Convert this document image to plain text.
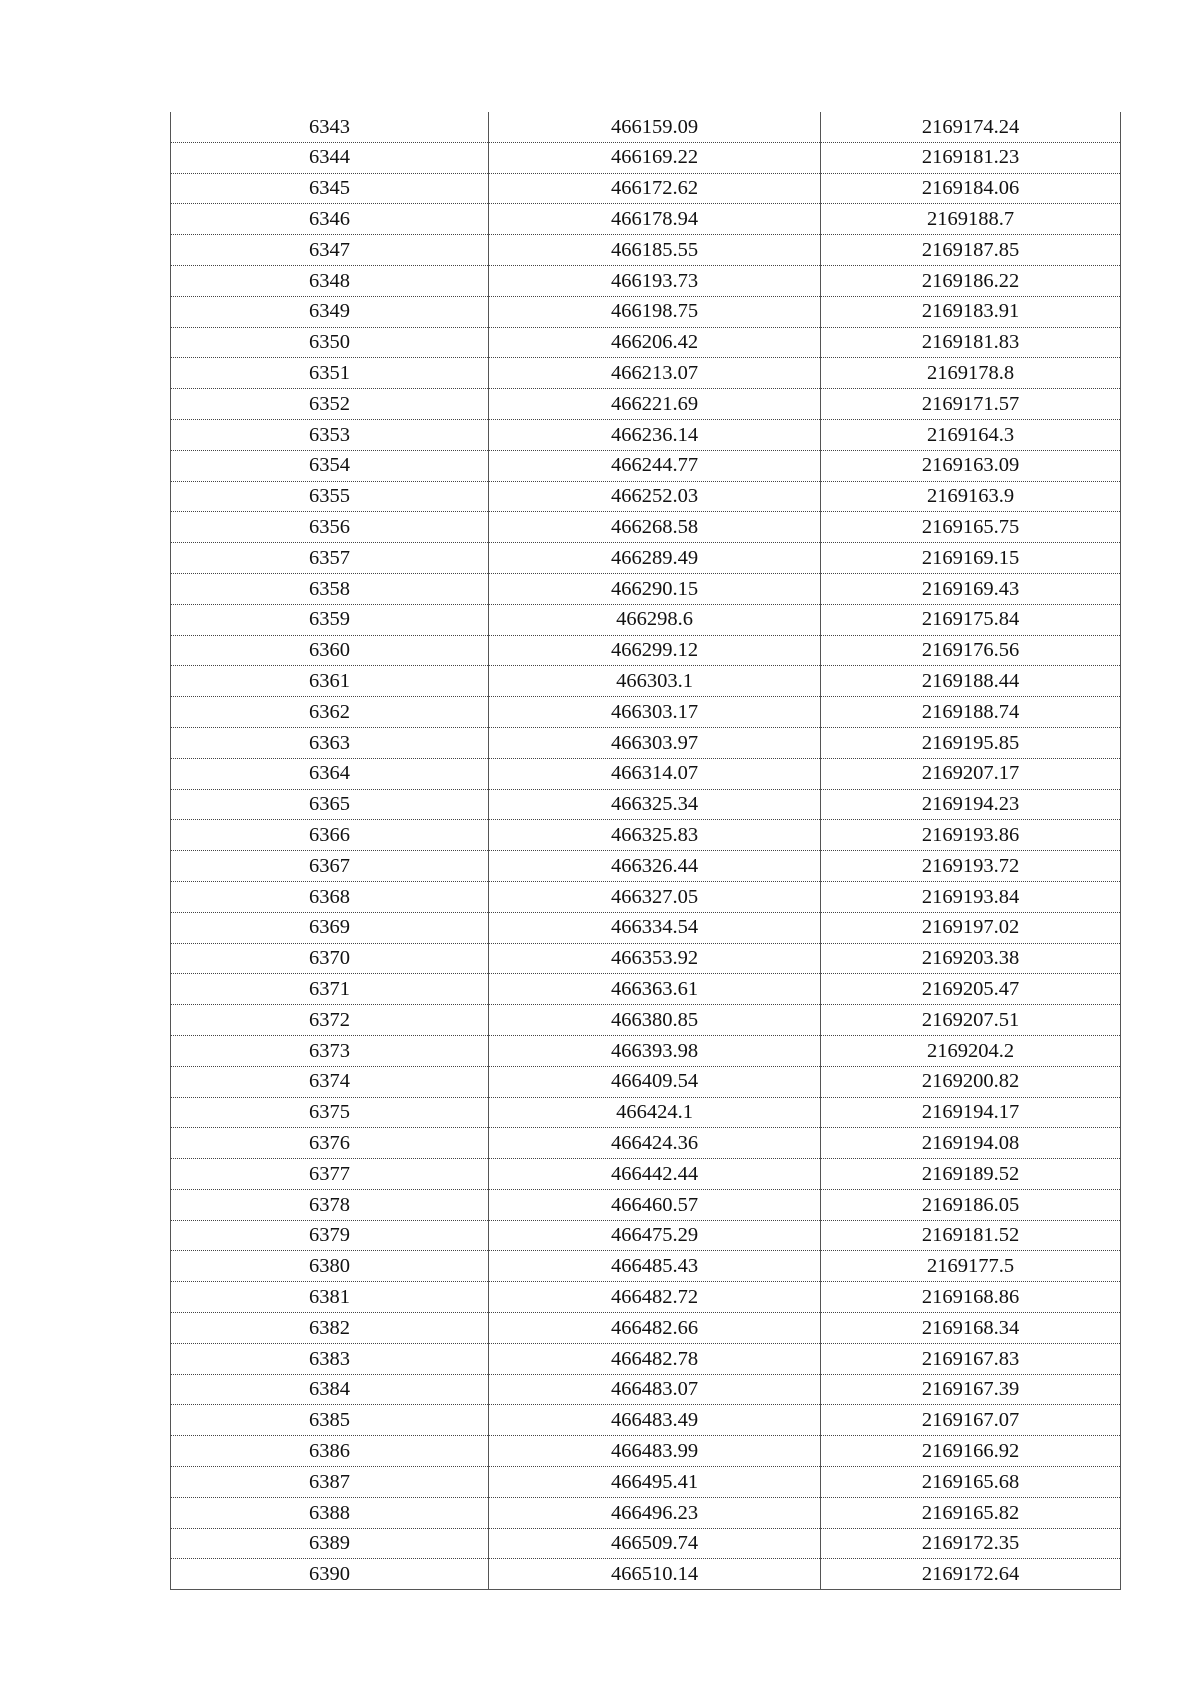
6343	466159.09	2169174.24
6344	466169.22	2169181.23
6345	466172.62	2169184.06
6346	466178.94	2169188.7
6347	466185.55	2169187.85
6348	466193.73	2169186.22
6349	466198.75	2169183.91
6350	466206.42	2169181.83
6351	466213.07	2169178.8
6352	466221.69	2169171.57
6353	466236.14	2169164.3
6354	466244.77	2169163.09
6355	466252.03	2169163.9
6356	466268.58	2169165.75
6357	466289.49	2169169.15
6358	466290.15	2169169.43
6359	466298.6	2169175.84
6360	466299.12	2169176.56
6361	466303.1	2169188.44
6362	466303.17	2169188.74
6363	466303.97	2169195.85
6364	466314.07	2169207.17
6365	466325.34	2169194.23
6366	466325.83	2169193.86
6367	466326.44	2169193.72
6368	466327.05	2169193.84
6369	466334.54	2169197.02
6370	466353.92	2169203.38
6371	466363.61	2169205.47
6372	466380.85	2169207.51
6373	466393.98	2169204.2
6374	466409.54	2169200.82
6375	466424.1	2169194.17
6376	466424.36	2169194.08
6377	466442.44	2169189.52
6378	466460.57	2169186.05
6379	466475.29	2169181.52
6380	466485.43	2169177.5
6381	466482.72	2169168.86
6382	466482.66	2169168.34
6383	466482.78	2169167.83
6384	466483.07	2169167.39
6385	466483.49	2169167.07
6386	466483.99	2169166.92
6387	466495.41	2169165.68
6388	466496.23	2169165.82
6389	466509.74	2169172.35
6390	466510.14	2169172.64
